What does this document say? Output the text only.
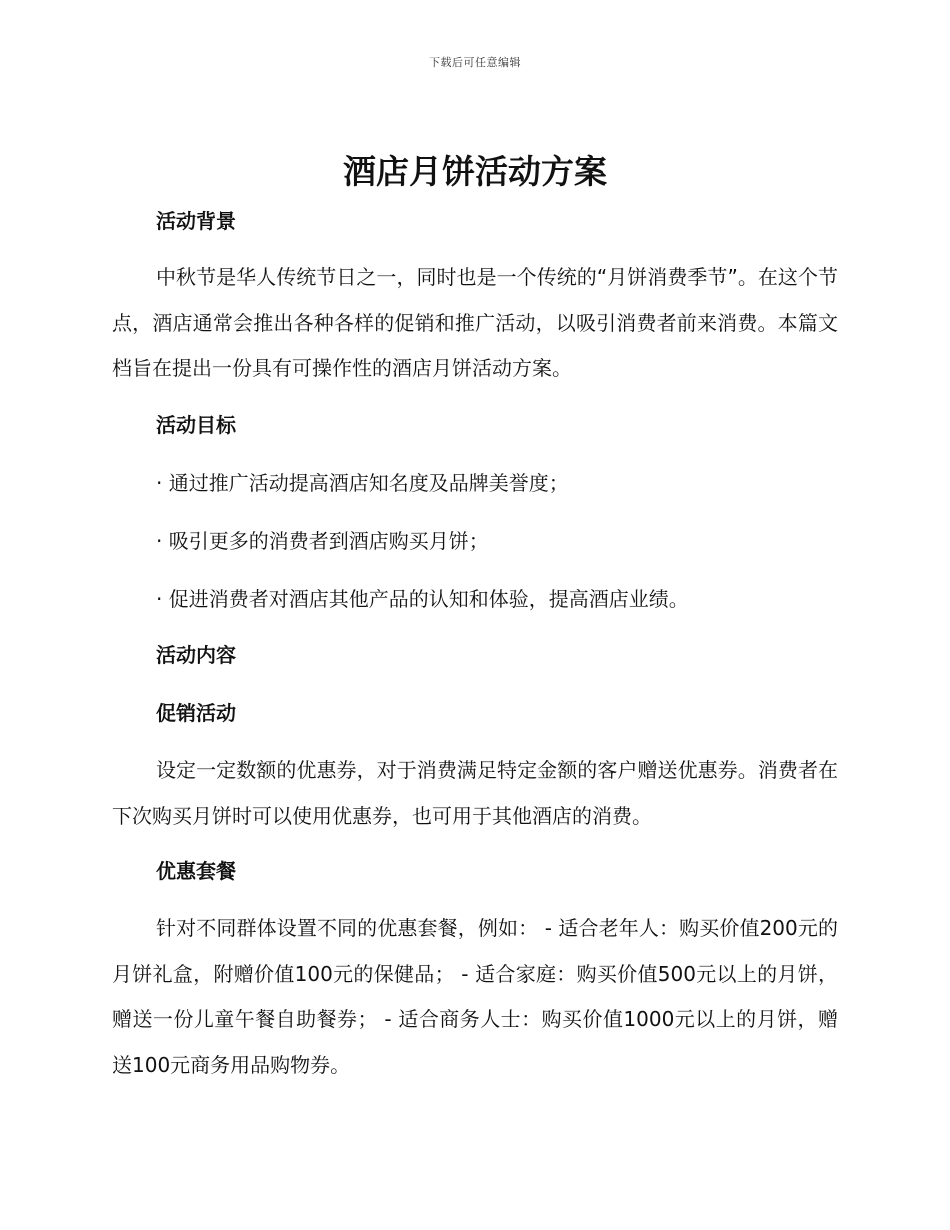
下载后可任意编辑
酒店月饼活动方案
活动背景

中秋节是华人传统节日之一，同时也是一个传统的“月饼消费季节”。在这个节点，酒店通常会推出各种各样的促销和推广活动，以吸引消费者前来消费。本篇文档旨在提出一份具有可操作性的酒店月饼活动方案。

活动目标

· 通过推广活动提高酒店知名度及品牌美誉度；

· 吸引更多的消费者到酒店购买月饼；

· 促进消费者对酒店其他产品的认知和体验，提高酒店业绩。

活动内容
促销活动

设定一定数额的优惠券，对于消费满足特定金额的客户赠送优惠券。消费者在下次购买月饼时可以使用优惠券，也可用于其他酒店的消费。

优惠套餐

针对不同群体设置不同的优惠套餐，例如： - 适合老年人：购买价值200元的月饼礼盒，附赠价值100元的保健品； - 适合家庭：购买价值500元以上的月饼，赠送一份儿童午餐自助餐券； - 适合商务人士：购买价值1000元以上的月饼，赠送100元商务用品购物券。
